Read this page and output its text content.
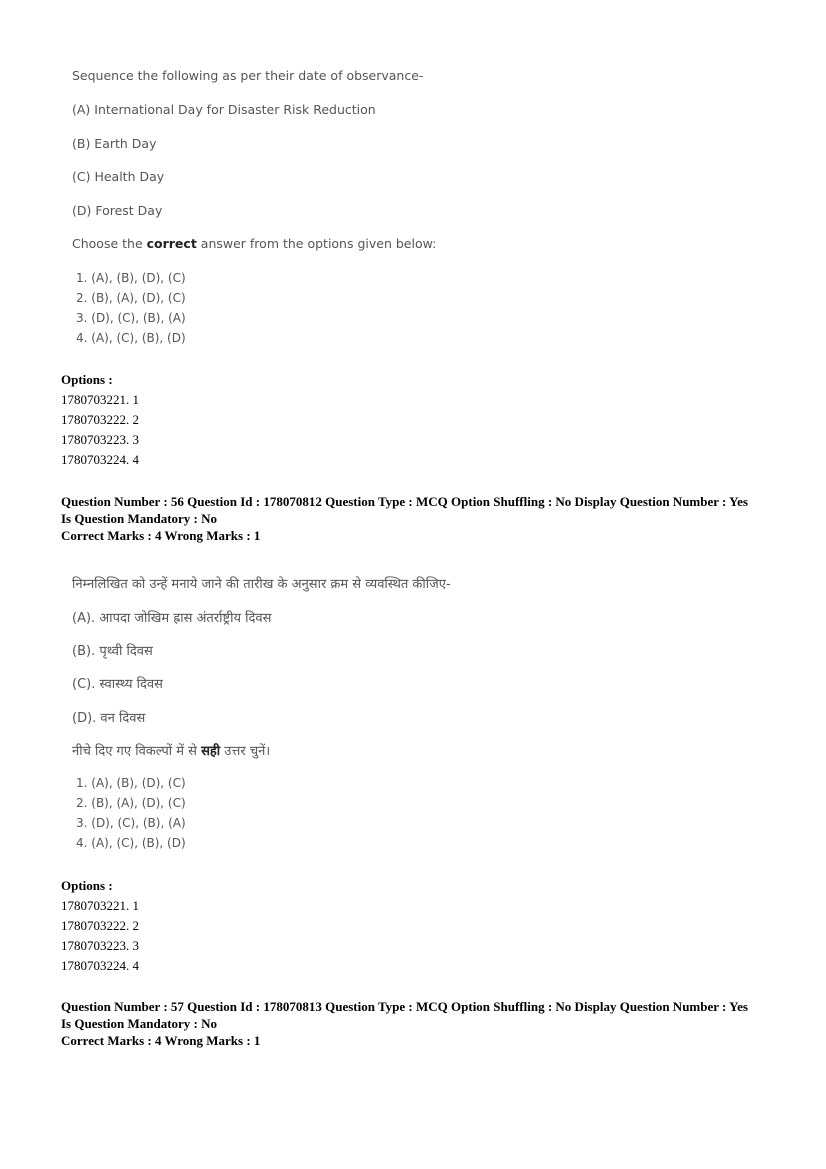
Sequence the following as per their date of observance-
(A) International Day for Disaster Risk Reduction
(B) Earth Day
(C) Health Day
(D) Forest Day
Choose the correct answer from the options given below:
1. (A), (B), (D), (C)
2. (B), (A), (D), (C)
3. (D), (C), (B), (A)
4. (A), (C), (B), (D)
Options :
1780703221. 1
1780703222. 2
1780703223. 3
1780703224. 4
Question Number : 56 Question Id : 178070812 Question Type : MCQ Option Shuffling : No Display Question Number : Yes
Is Question Mandatory : No
Correct Marks : 4 Wrong Marks : 1
निम्नलिखित को उन्हें मनाये जाने की तारीख के अनुसार क्रम से व्यवस्थित कीजिए-
(A). आपदा जोखिम ह्रास अंतर्राष्ट्रीय दिवस
(B). पृथ्वी दिवस
(C). स्वास्थ्य दिवस
(D). वन दिवस
नीचे दिए गए विकल्पों में से सही उत्तर चुनें।
1. (A), (B), (D), (C)
2. (B), (A), (D), (C)
3. (D), (C), (B), (A)
4. (A), (C), (B), (D)
Options :
1780703221. 1
1780703222. 2
1780703223. 3
1780703224. 4
Question Number : 57 Question Id : 178070813 Question Type : MCQ Option Shuffling : No Display Question Number : Yes
Is Question Mandatory : No
Correct Marks : 4 Wrong Marks : 1
